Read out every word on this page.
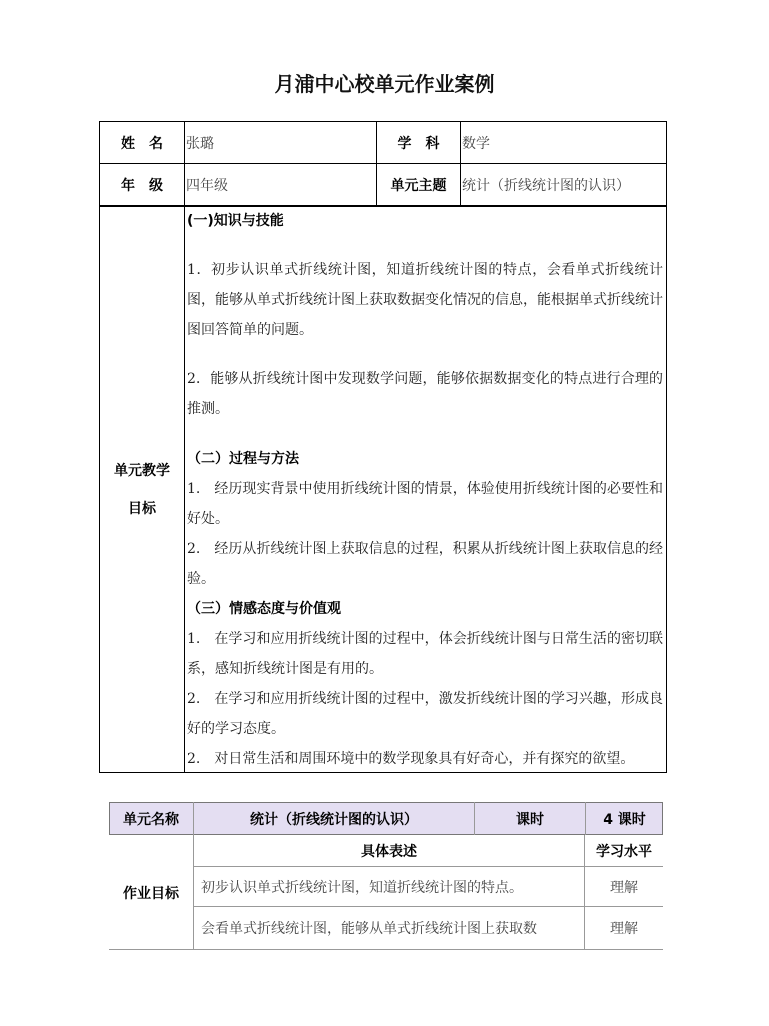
月浦中心校单元作业案例
姓　名	张璐	学　科	数学
年　级	四年级	单元主题	统计（折线统计图的认识）
单元教学
目标

(一)知识与技能

1．初步认识单式折线统计图，知道折线统计图的特点，会看单式折线统计图，能够从单式折线统计图上获取数据变化情况的信息，能根据单式折线统计图回答简单的问题。

2．能够从折线统计图中发现数学问题，能够依据数据变化的特点进行合理的推测。

（二）过程与方法

1.　经历现实背景中使用折线统计图的情景，体验使用折线统计图的必要性和好处。

2.　经历从折线统计图上获取信息的过程，积累从折线统计图上获取信息的经验。

（三）情感态度与价值观

1.　在学习和应用折线统计图的过程中，体会折线统计图与日常生活的密切联系，感知折线统计图是有用的。

2.　在学习和应用折线统计图的过程中，激发折线统计图的学习兴趣，形成良好的学习态度。

2.　对日常生活和周围环境中的数学现象具有好奇心，并有探究的欲望。

单元名称	统计（折线统计图的认识）	课时	4 课时
作业目标
具体表述	学习水平
初步认识单式折线统计图，知道折线统计图的特点。	理解
会看单式折线统计图，能够从单式折线统计图上获取数	理解
